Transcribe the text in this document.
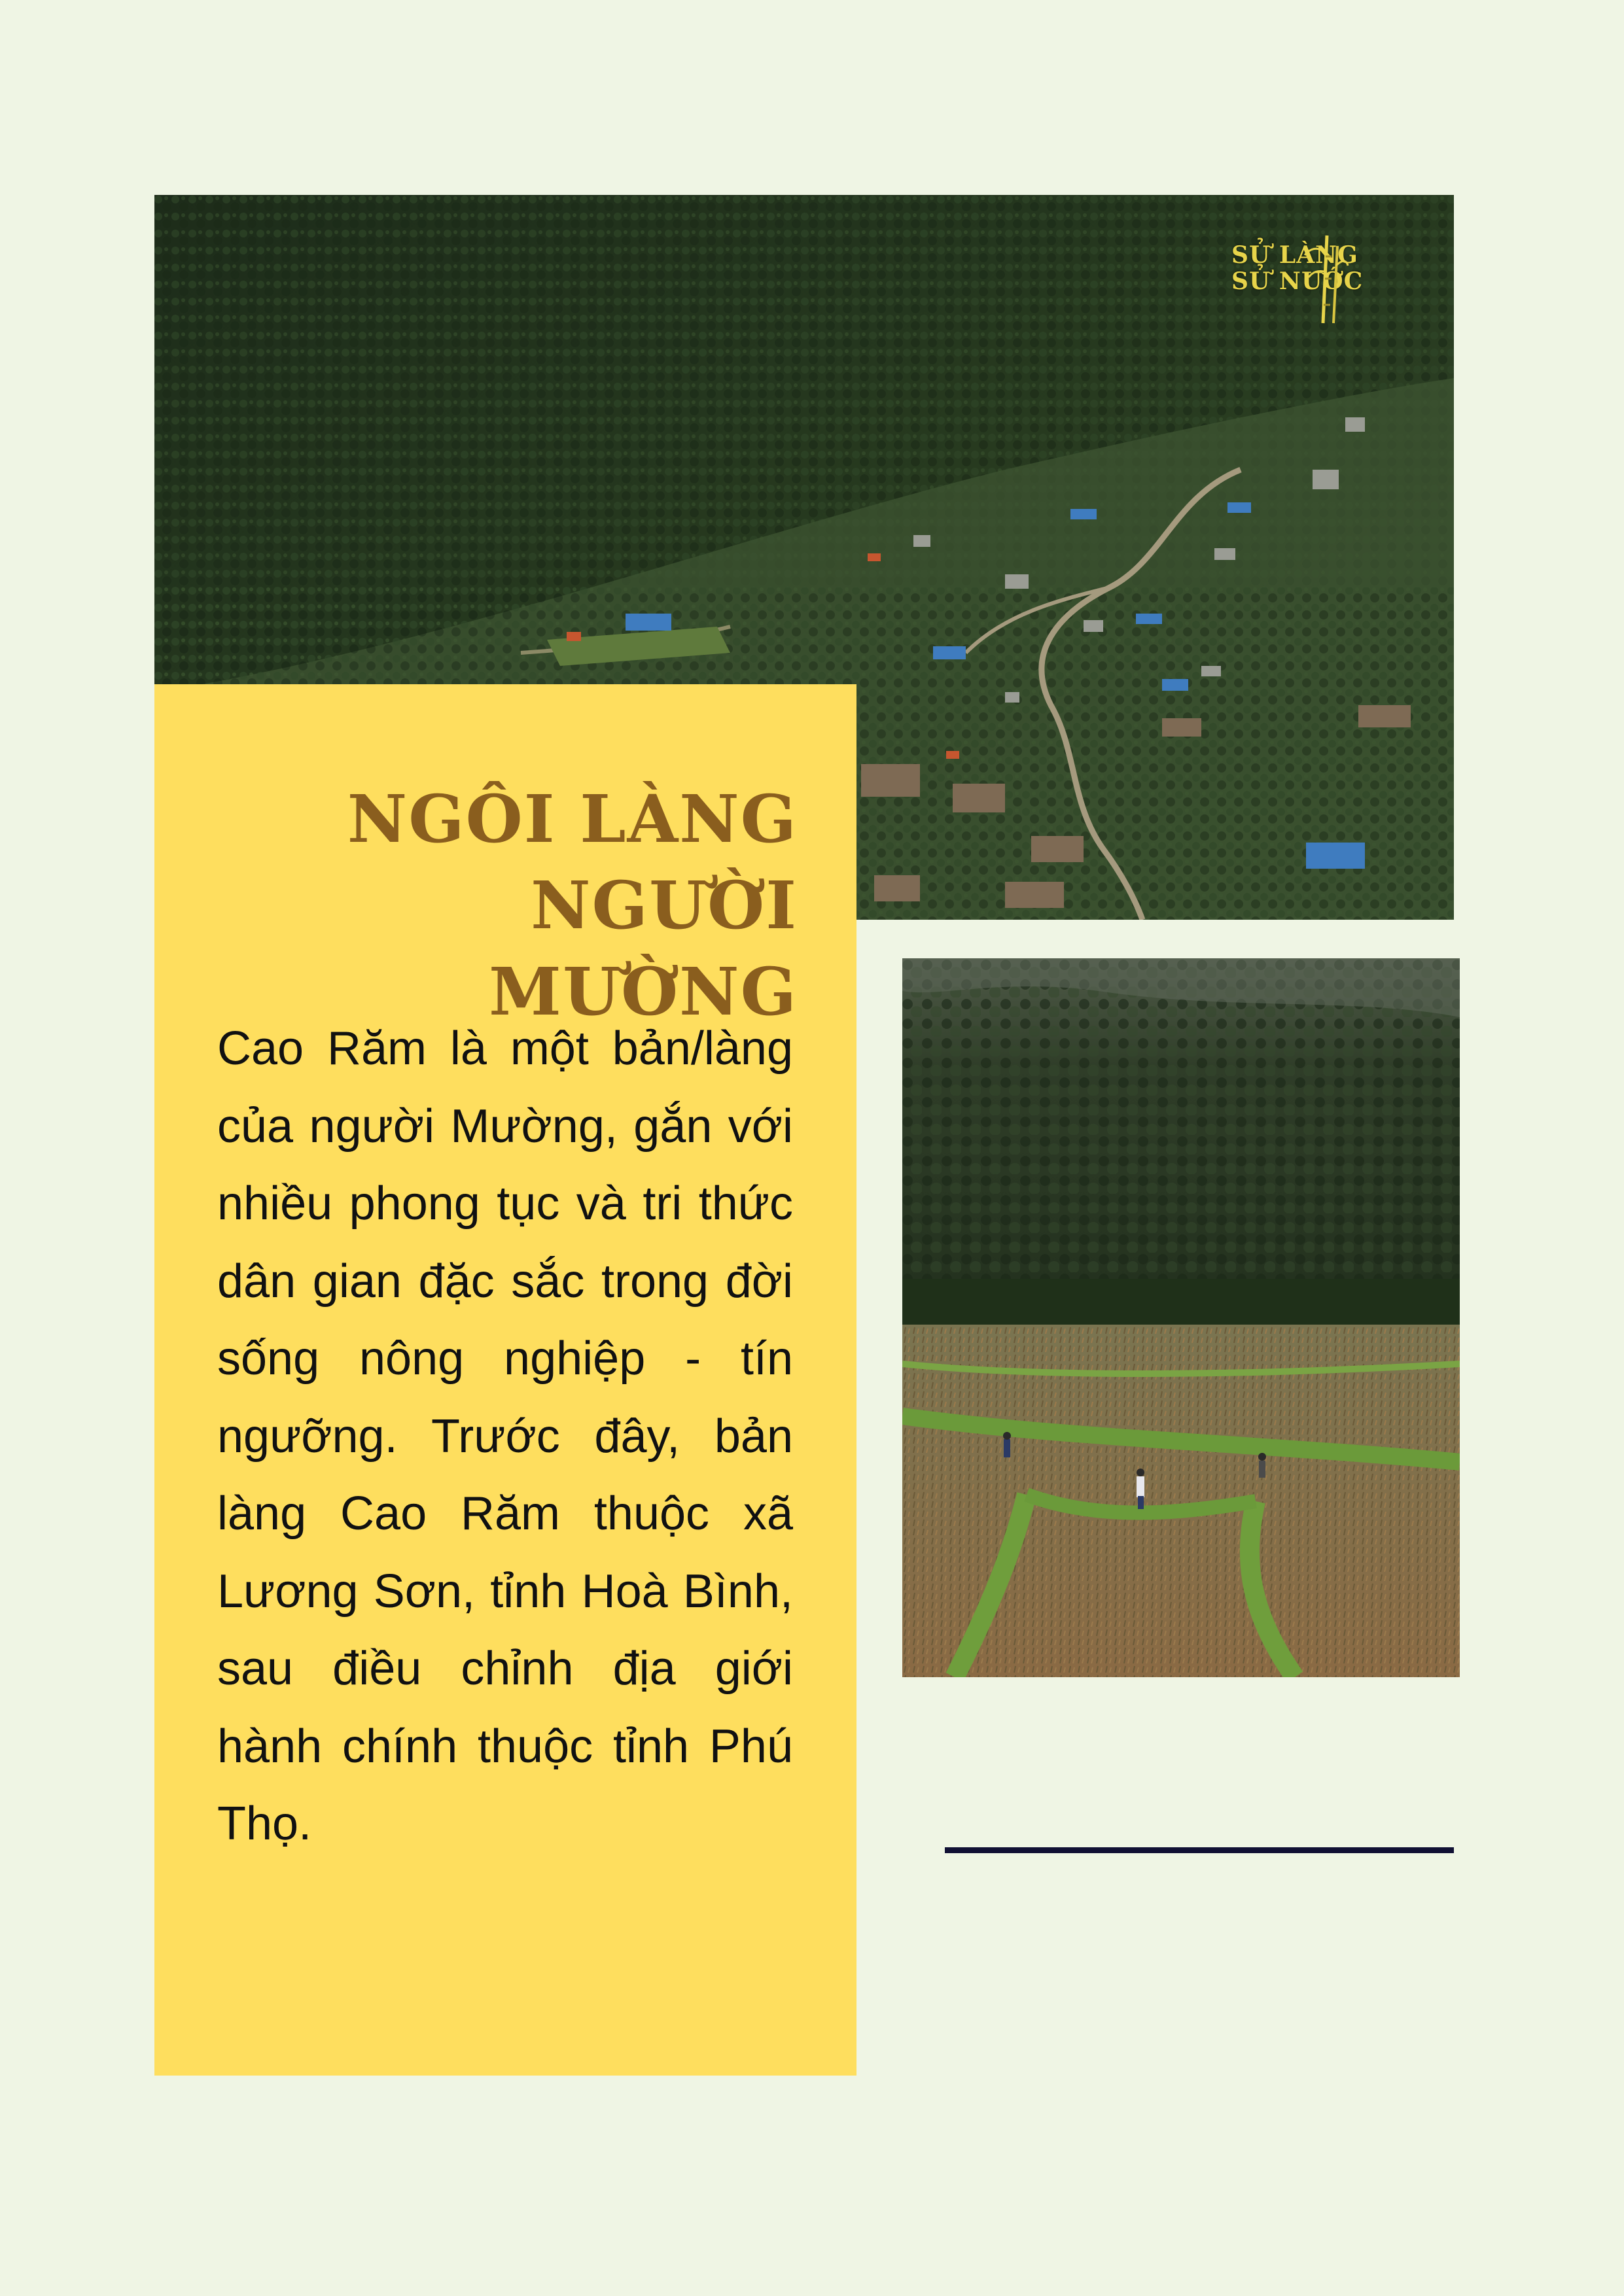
SỬ LÀNG
SỬ NƯỚC
NGÔI LÀNG
NGƯỜI MƯỜNG
Cao Răm là một bản/làng của người Mường, gắn với nhiều phong tục và tri thức dân gian đặc sắc trong đời sống nông nghiệp - tín ngưỡng. Trước đây, bản làng Cao Răm thuộc xã Lương Sơn, tỉnh Hoà Bình, sau điều chỉnh địa giới hành chính thuộc tỉnh Phú Thọ.
